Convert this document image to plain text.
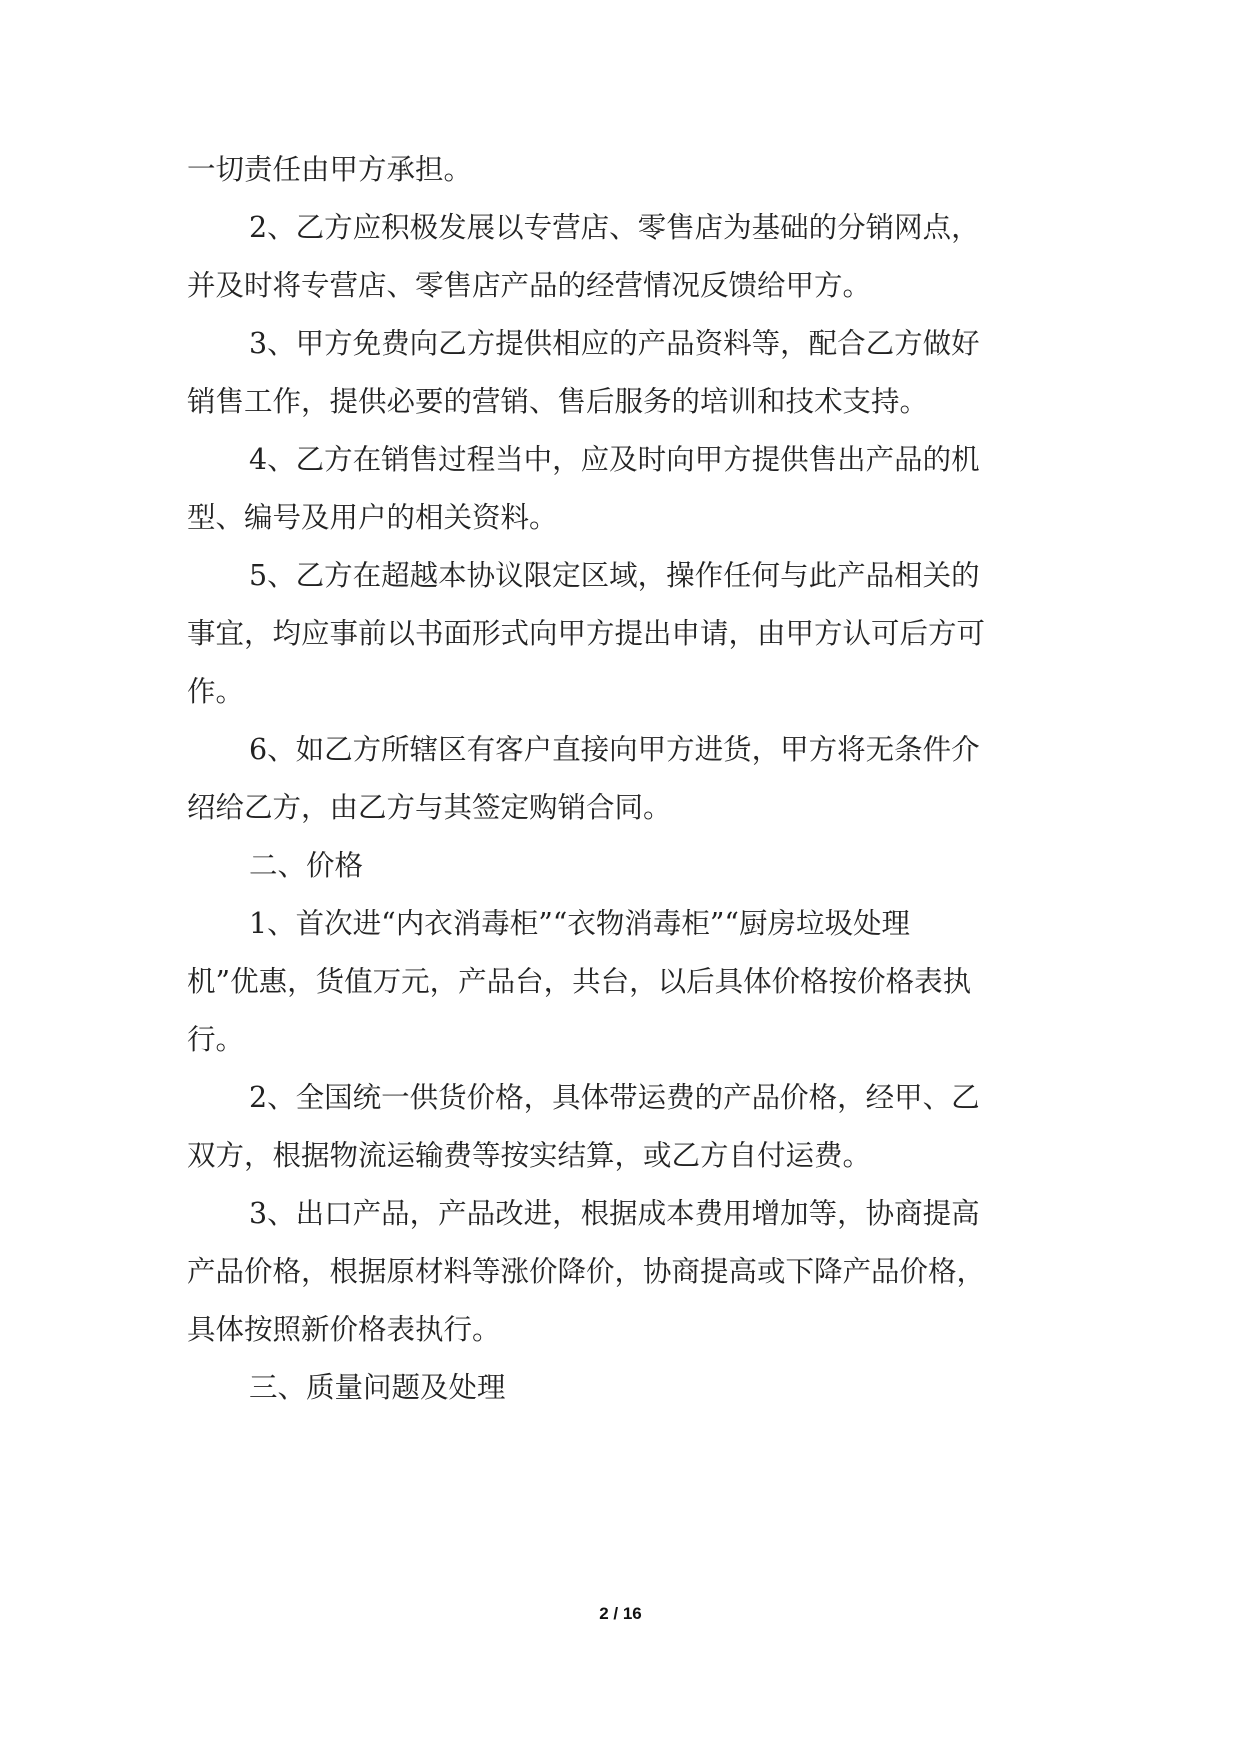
一切责任由甲方承担。
2、乙方应积极发展以专营店、零售店为基础的分销网点，
并及时将专营店、零售店产品的经营情况反馈给甲方。
3、甲方免费向乙方提供相应的产品资料等，配合乙方做好
销售工作，提供必要的营销、售后服务的培训和技术支持。
4、乙方在销售过程当中，应及时向甲方提供售出产品的机
型、编号及用户的相关资料。
5、乙方在超越本协议限定区域，操作任何与此产品相关的
事宜，均应事前以书面形式向甲方提出申请，由甲方认可后方可
作。
6、如乙方所辖区有客户直接向甲方进货，甲方将无条件介
绍给乙方，由乙方与其签定购销合同。
二、价格
1、首次进“内衣消毒柜”“衣物消毒柜”“厨房垃圾处理
机”优惠，货值万元，产品台，共台，以后具体价格按价格表执
行。
2、全国统一供货价格，具体带运费的产品价格，经甲、乙
双方，根据物流运输费等按实结算，或乙方自付运费。
3、出口产品，产品改进，根据成本费用增加等，协商提高
产品价格，根据原材料等涨价降价，协商提高或下降产品价格，
具体按照新价格表执行。
三、质量问题及处理
2 / 16
